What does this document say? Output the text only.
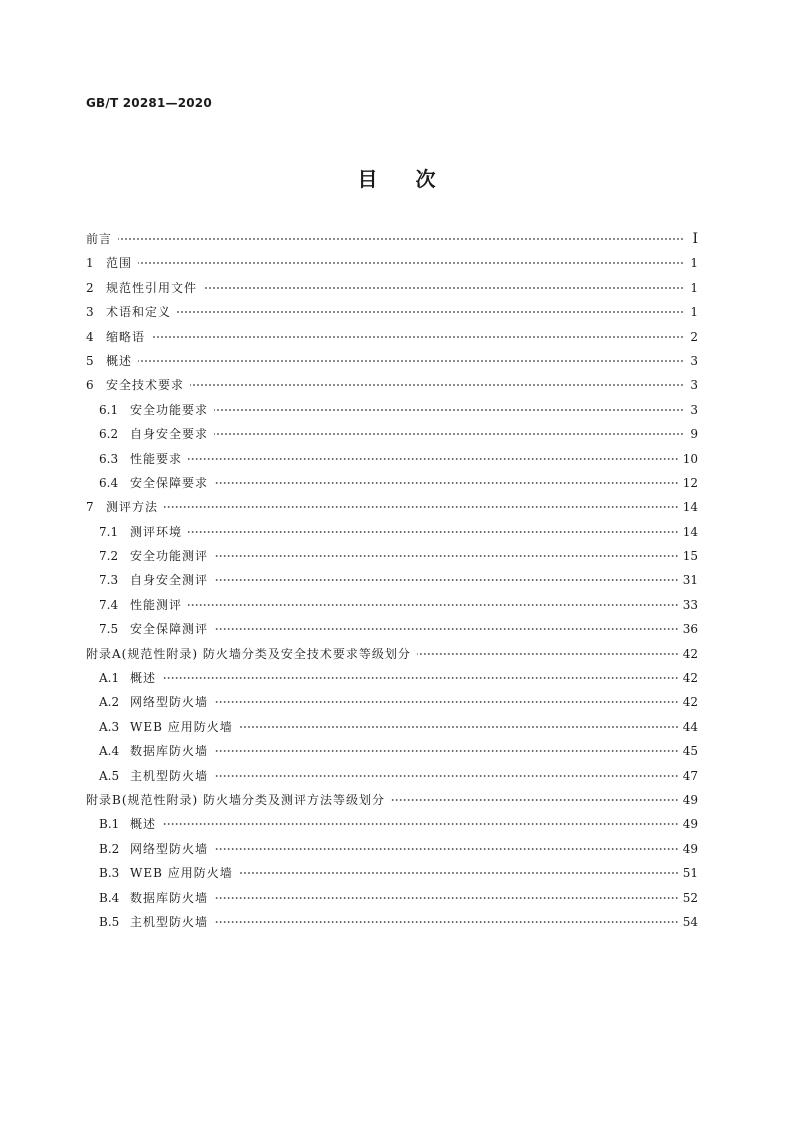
GB/T 20281—2020
目次
前言	Ⅰ
1	范围	1
2	规范性引用文件	1
3	术语和定义	1
4	缩略语	2
5	概述	3
6	安全技术要求	3
6.1 安全功能要求	3
6.2 自身安全要求	9
6.3 性能要求	10
6.4 安全保障要求	12
7	测评方法	14
7.1 测评环境	14
7.2 安全功能测评	15
7.3 自身安全测评	31
7.4 性能测评	33
7.5 安全保障测评	36
附录A(规范性附录) 防火墙分类及安全技术要求等级划分	42
A.1 概述	42
A.2 网络型防火墙	42
A.3 WEB 应用防火墙	44
A.4 数据库防火墙	45
A.5 主机型防火墙	47
附录B(规范性附录) 防火墙分类及测评方法等级划分	49
B.1 概述	49
B.2 网络型防火墙	49
B.3 WEB 应用防火墙	51
B.4 数据库防火墙	52
B.5 主机型防火墙	54
